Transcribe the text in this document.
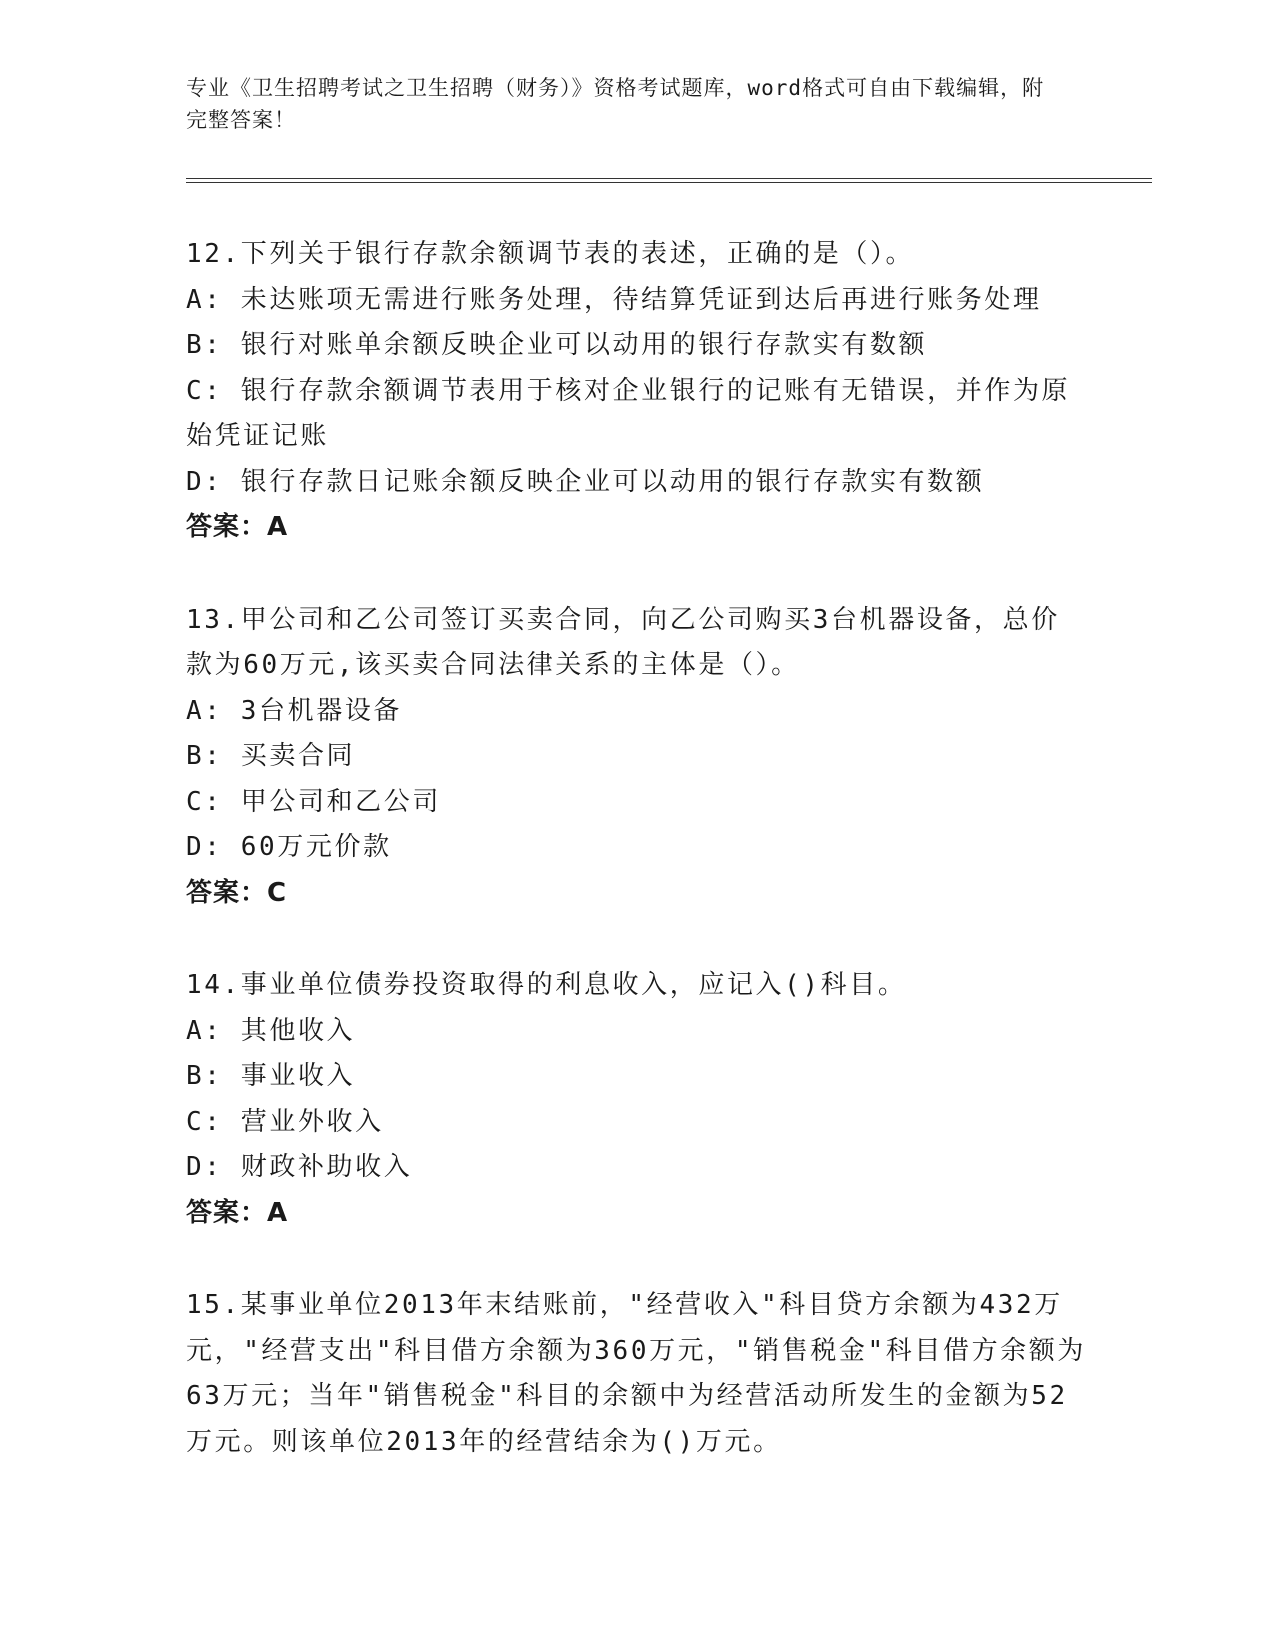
专业《卫生招聘考试之卫生招聘（财务）》资格考试题库，word格式可自由下载编辑，附完整答案！

12.下列关于银行存款余额调节表的表述，正确的是（）。

A: 未达账项无需进行账务处理，待结算凭证到达后再进行账务处理

B: 银行对账单余额反映企业可以动用的银行存款实有数额

C: 银行存款余额调节表用于核对企业银行的记账有无错误，并作为原始凭证记账

D: 银行存款日记账余额反映企业可以动用的银行存款实有数额

答案：A

13.甲公司和乙公司签订买卖合同，向乙公司购买3台机器设备，总价款为60万元,该买卖合同法律关系的主体是（）。

A: 3台机器设备

B: 买卖合同

C: 甲公司和乙公司

D: 60万元价款

答案：C

14.事业单位债券投资取得的利息收入，应记入()科目。

A: 其他收入

B: 事业收入

C: 营业外收入

D: 财政补助收入

答案：A

15.某事业单位2013年末结账前，"经营收入"科目贷方余额为432万元，"经营支出"科目借方余额为360万元，"销售税金"科目借方余额为63万元；当年"销售税金"科目的余额中为经营活动所发生的金额为52万元。则该单位2013年的经营结余为()万元。
